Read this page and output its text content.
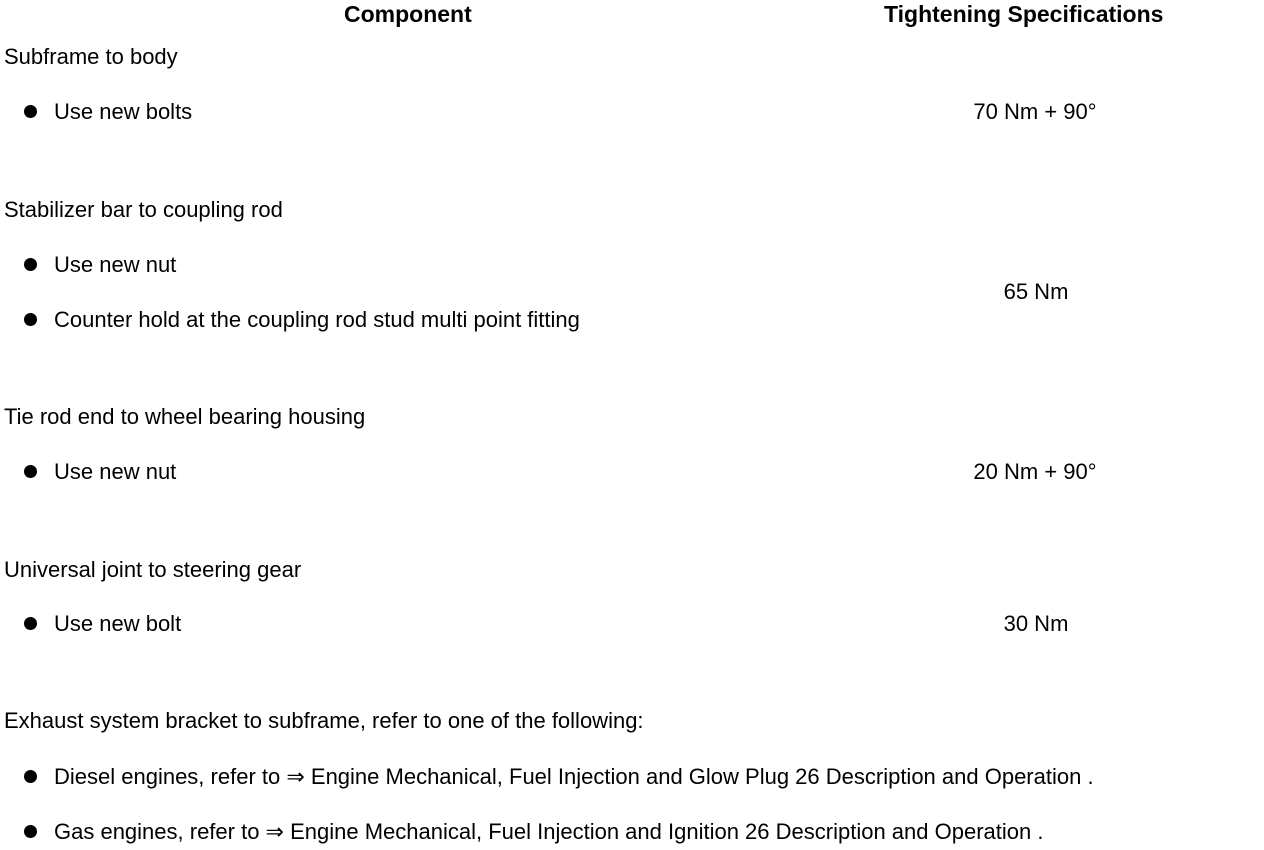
Component	Tightening Specifications
Subframe to body
Use new bolts	70 Nm + 90°
Stabilizer bar to coupling rod
Use new nut
Counter hold at the coupling rod stud multi point fitting
65 Nm
Tie rod end to wheel bearing housing
Use new nut	20 Nm + 90°
Universal joint to steering gear
Use new bolt	30 Nm
Exhaust system bracket to subframe, refer to one of the following:
Diesel engines, refer to ⇒ Engine Mechanical, Fuel Injection and Glow Plug 26 Description and Operation .
Gas engines, refer to ⇒ Engine Mechanical, Fuel Injection and Ignition 26 Description and Operation .
